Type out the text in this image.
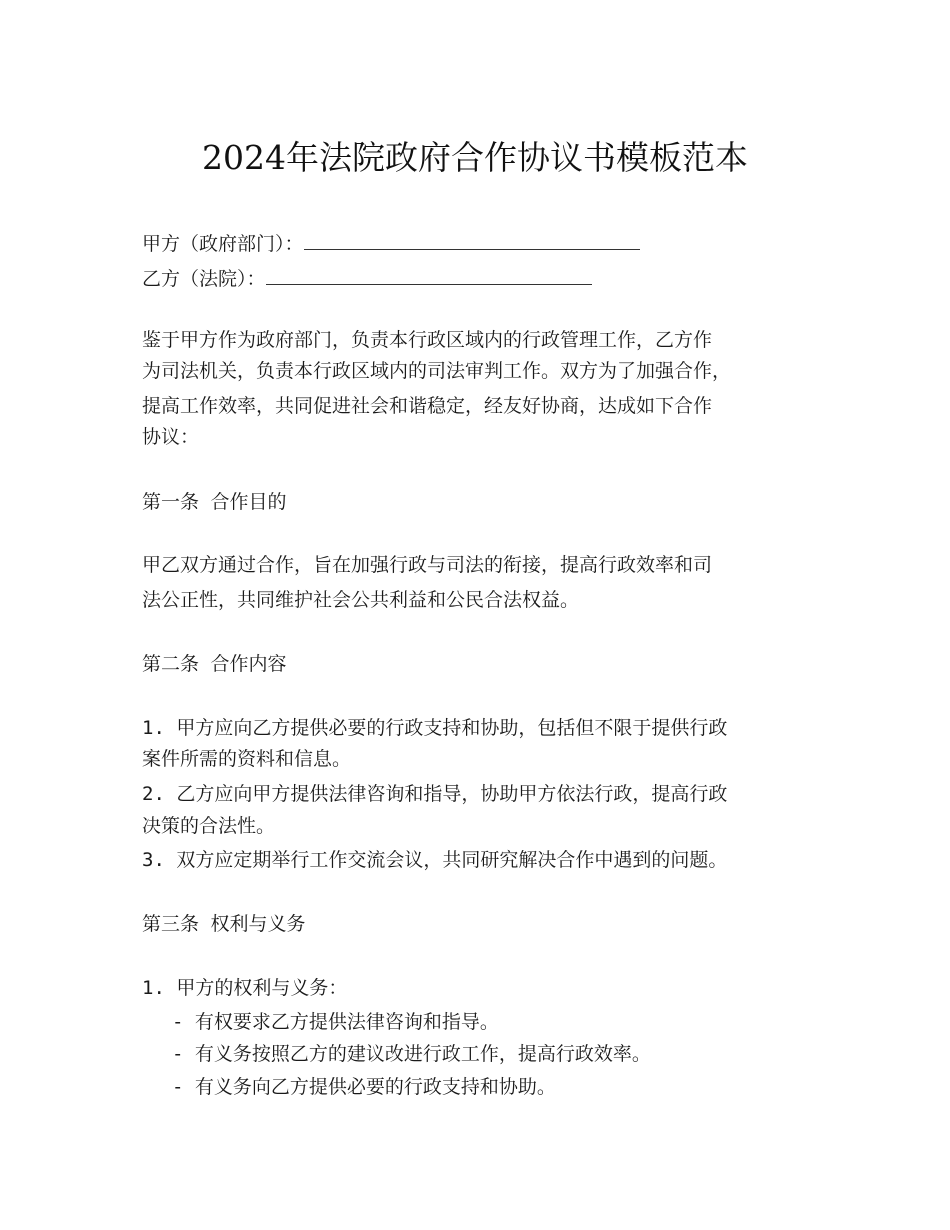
2024年法院政府合作协议书模板范本
甲方（政府部门）：
乙方（法院）：
鉴于甲方作为政府部门，负责本行政区域内的行政管理工作，乙方作
为司法机关，负责本行政区域内的司法审判工作。双方为了加强合作，
提高工作效率，共同促进社会和谐稳定，经友好协商，达成如下合作
协议：
第一条 合作目的
甲乙双方通过合作，旨在加强行政与司法的衔接，提高行政效率和司
法公正性，共同维护社会公共利益和公民合法权益。
第二条 合作内容
1. 甲方应向乙方提供必要的行政支持和协助，包括但不限于提供行政
案件所需的资料和信息。
2. 乙方应向甲方提供法律咨询和指导，协助甲方依法行政，提高行政
决策的合法性。
3. 双方应定期举行工作交流会议，共同研究解决合作中遇到的问题。
第三条 权利与义务
1. 甲方的权利与义务：
- 有权要求乙方提供法律咨询和指导。
- 有义务按照乙方的建议改进行政工作，提高行政效率。
- 有义务向乙方提供必要的行政支持和协助。
